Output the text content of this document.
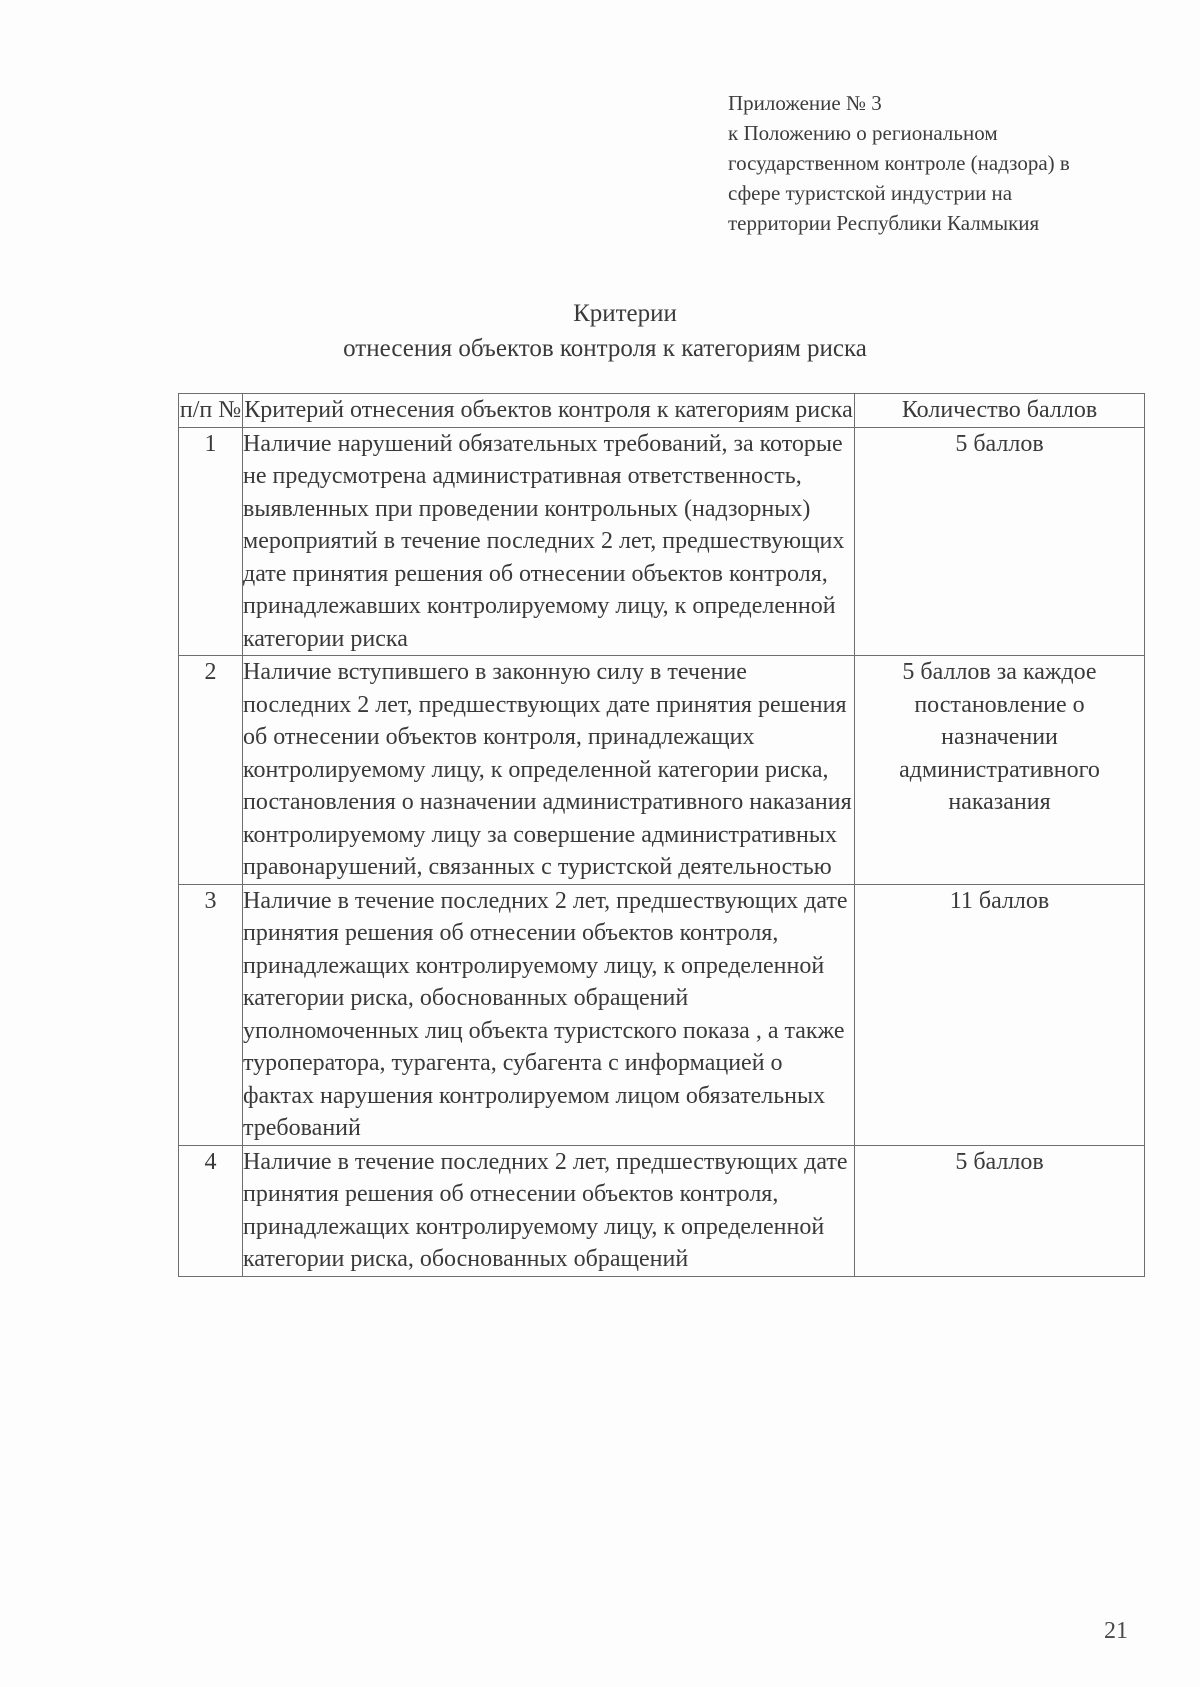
Приложение № 3
к Положению о региональном
государственном контроле (надзора) в
сфере туристской индустрии на
территории Республики Калмыкия
Критерии
отнесения объектов контроля к категориям риска
п/п №	Критерий отнесения объектов контроля к категориям риска	Количество баллов
1	Наличие нарушений обязательных требований, за которые не предусмотрена административная ответственность, выявленных при проведении контрольных (надзорных) мероприятий в течение последних 2 лет, предшествующих дате принятия решения об отнесении объектов контроля, принадлежавших контролируемому лицу, к определенной категории риска	5 баллов
2	Наличие вступившего в законную силу в течение последних 2 лет, предшествующих дате принятия решения об отнесении объектов контроля, принадлежащих контролируемому лицу, к определенной категории риска, постановления о назначении административного наказания контролируемому лицу за совершение административных правонарушений, связанных с туристской деятельностью	5 баллов за каждое постановление о назначении административного наказания
3	Наличие в течение последних 2 лет, предшествующих дате принятия решения об отнесении объектов контроля, принадлежащих контролируемому лицу, к определенной категории риска, обоснованных обращений уполномоченных лиц объекта туристского показа , а также туроператора, турагента, субагента с информацией о фактах нарушения контролируемом лицом обязательных требований	11 баллов
4	Наличие в течение последних 2 лет, предшествующих дате принятия решения об отнесении объектов контроля, принадлежащих контролируемому лицу, к определенной категории риска, обоснованных обращений	5 баллов
21
